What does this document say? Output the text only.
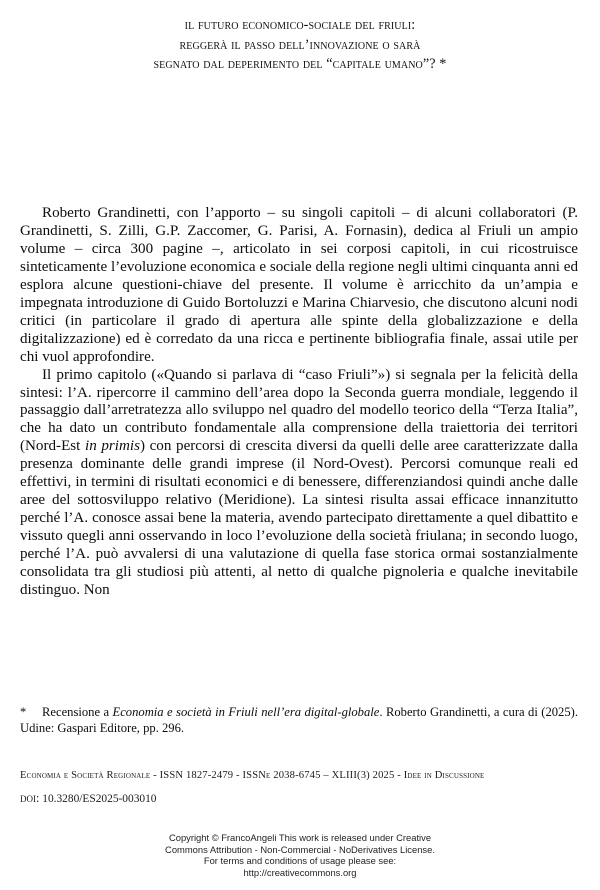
il futuro economico-sociale del friuli:
reggerà il passo dell’innovazione o sarà
segnato dal deperimento del “capitale umano”? *

Roberto Grandinetti, con l’apporto – su singoli capitoli – di alcuni collaboratori (P. Grandinetti, S. Zilli, G.P. Zaccomer, G. Parisi, A. Fornasin), dedica al Friuli un ampio volume – circa 300 pagine –, articolato in sei corposi capitoli, in cui ricostruisce sinteticamente l’evoluzione economica e sociale della regione negli ultimi cinquanta anni ed esplora alcune questioni-chiave del presente. Il volume è arricchito da un’ampia e impegnata introduzione di Guido Bortoluzzi e Marina Chiarvesio, che discutono alcuni nodi critici (in particolare il grado di apertura alle spinte della globalizzazione e della digitalizzazione) ed è corredato da una ricca e pertinente bibliografia finale, assai utile per chi vuol approfondire.

Il primo capitolo («Quando si parlava di “caso Friuli”») si segnala per la felicità della sintesi: l’A. ripercorre il cammino dell’area dopo la Seconda guerra mondiale, leggendo il passaggio dall’arretratezza allo sviluppo nel quadro del modello teorico della “Terza Italia”, che ha dato un contributo fondamentale alla comprensione della traiettoria dei territori (Nord-Est in primis) con percorsi di crescita diversi da quelli delle aree caratterizzate dalla presenza dominante delle grandi imprese (il Nord-Ovest). Percorsi comunque reali ed effettivi, in termini di risultati economici e di benessere, differenziandosi quindi anche dalle aree del sottosviluppo relativo (Meridione). La sintesi risulta assai efficace innanzitutto perché l’A. conosce assai bene la materia, avendo partecipato direttamente a quel dibattito e vissuto quegli anni osservando in loco l’evoluzione della società friulana; in secondo luogo, perché l’A. può avvalersi di una valutazione di quella fase storica ormai sostanzialmente consolidata tra gli studiosi più attenti, al netto di qualche pignoleria e qualche inevitabile distinguo. Non

* Recensione a Economia e società in Friuli nell’era digital-globale. Roberto Grandinetti, a cura di (2025). Udine: Gaspari Editore, pp. 296.

Economia e Società Regionale - ISSN 1827-2479 - ISSNe 2038-6745 – XLIII(3) 2025 - Idee in Discussione
doi: 10.3280/ES2025-003010
Copyright © FrancoAngeli This work is released under Creative
Commons Attribution - Non-Commercial - NoDerivatives License.
For terms and conditions of usage please see:
http://creativecommons.org
